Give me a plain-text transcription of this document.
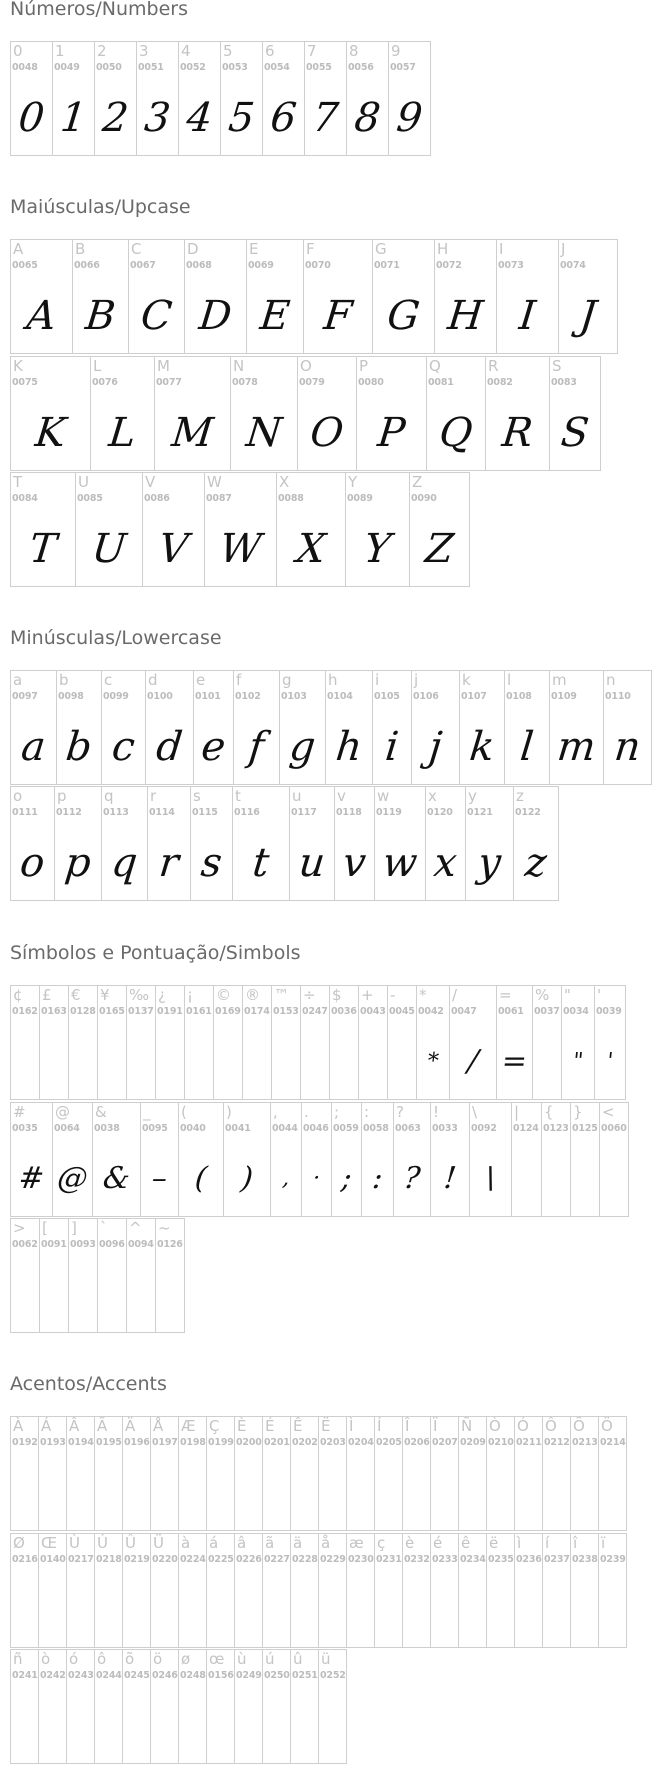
Números/Numbers
0
0048
0
1
0049
1
2
0050
2
3
0051
3
4
0052
4
5
0053
5
6
0054
6
7
0055
7
8
0056
8
9
0057
9
Maiúsculas/Upcase
A
0065
A
B
0066
B
C
0067
C
D
0068
D
E
0069
E
F
0070
F
G
0071
G
H
0072
H
I
0073
I
J
0074
J
K
0075
K
L
0076
L
M
0077
M
N
0078
N
O
0079
O
P
0080
P
Q
0081
Q
R
0082
R
S
0083
S
T
0084
T
U
0085
U
V
0086
V
W
0087
W
X
0088
X
Y
0089
Y
Z
0090
Z
Minúsculas/Lowercase
a
0097
a
b
0098
b
c
0099
c
d
0100
d
e
0101
e
f
0102
f
g
0103
g
h
0104
h
i
0105
i
j
0106
j
k
0107
k
l
0108
l
m
0109
m
n
0110
n
o
0111
o
p
0112
p
q
0113
q
r
0114
r
s
0115
s
t
0116
t
u
0117
u
v
0118
v
w
0119
w
x
0120
x
y
0121
y
z
0122
z
Símbolos e Pontuação/Simbols
¢
0162
£
0163
€
0128
¥
0165
‰
0137
¿
0191
¡
0161
©
0169
®
0174
™
0153
÷
0247
$
0036
+
0043
-
0045
*
0042
*
/
0047
/
=
0061
=
%
0037
"
0034
"
'
0039
'
#
0035
#
@
0064
@
&
0038
&
_
0095
–
(
0040
(
)
0041
)
,
0044
,
.
0046
·
;
0059
;
:
0058
:
?
0063
?
!
0033
!
\
0092
\
|
0124
{
0123
}
0125
<
0060
>
0062
[
0091
]
0093
`
0096
^
0094
~
0126
Acentos/Accents
À
0192
Á
0193
Â
0194
Ã
0195
Ä
0196
Å
0197
Æ
0198
Ç
0199
È
0200
É
0201
Ê
0202
Ë
0203
Ì
0204
Í
0205
Î
0206
Ï
0207
Ñ
0209
Ò
0210
Ó
0211
Ô
0212
Õ
0213
Ö
0214
Ø
0216
Œ
0140
Ù
0217
Ú
0218
Û
0219
Ü
0220
à
0224
á
0225
â
0226
ã
0227
ä
0228
å
0229
æ
0230
ç
0231
è
0232
é
0233
ê
0234
ë
0235
ì
0236
í
0237
î
0238
ï
0239
ñ
0241
ò
0242
ó
0243
ô
0244
õ
0245
ö
0246
ø
0248
œ
0156
ù
0249
ú
0250
û
0251
ü
0252
